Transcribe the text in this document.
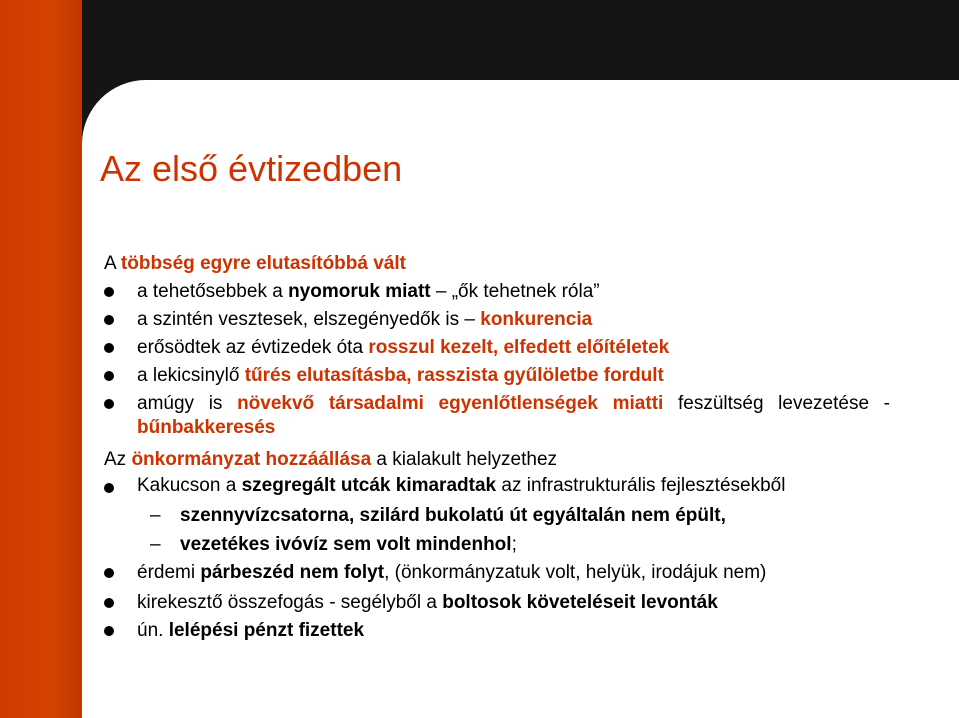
Az első évtizedben
A többség egyre elutasítóbbá vált
a tehetősebbek a nyomoruk miatt – „ők tehetnek róla”
a szintén vesztesek, elszegényedők is – konkurencia
erősödtek az évtizedek óta rosszul kezelt, elfedett előítéletek
a lekicsinylő tűrés elutasításba, rasszista gyűlöletbe fordult
amúgy is növekvő társadalmi egyenlőtlenségek miatti feszültség levezetése - bűnbakkeresés
Az önkormányzat hozzáállása a kialakult helyzethez
Kakucson a szegregált utcák kimaradtak az infrastrukturális fejlesztésekből
– szennyvízcsatorna, szilárd bukolatú út egyáltalán nem épült,
– vezetékes ivóvíz sem volt mindenhol;
érdemi párbeszéd nem folyt, (önkormányzatuk volt, helyük, irodájuk nem)
kirekesztő összefogás - segélyből a boltosok követeléseit levonták
ún. lelépési pénzt fizettek
